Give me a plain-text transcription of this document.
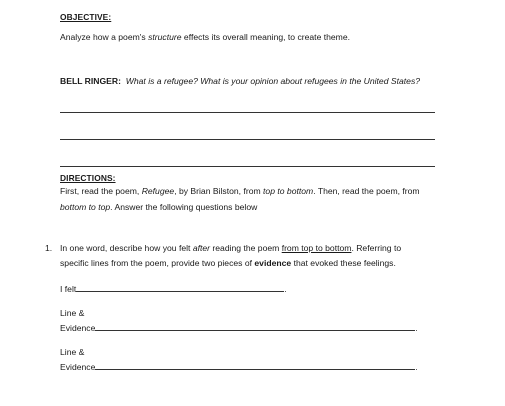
OBJECTIVE:
Analyze how a poem's structure effects its overall meaning, to create theme.
BELL RINGER: What is a refugee? What is your opinion about refugees in the United States?
DIRECTIONS:
First, read the poem, Refugee, by Brian Bilston, from top to bottom. Then, read the poem, from
bottom to top. Answer the following questions below
1. In one word, describe how you felt after reading the poem from top to bottom. Referring to
specific lines from the poem, provide two pieces of evidence that evoked these feelings.
I felt	.
Line &
Evidence	.
Line &
Evidence	.
